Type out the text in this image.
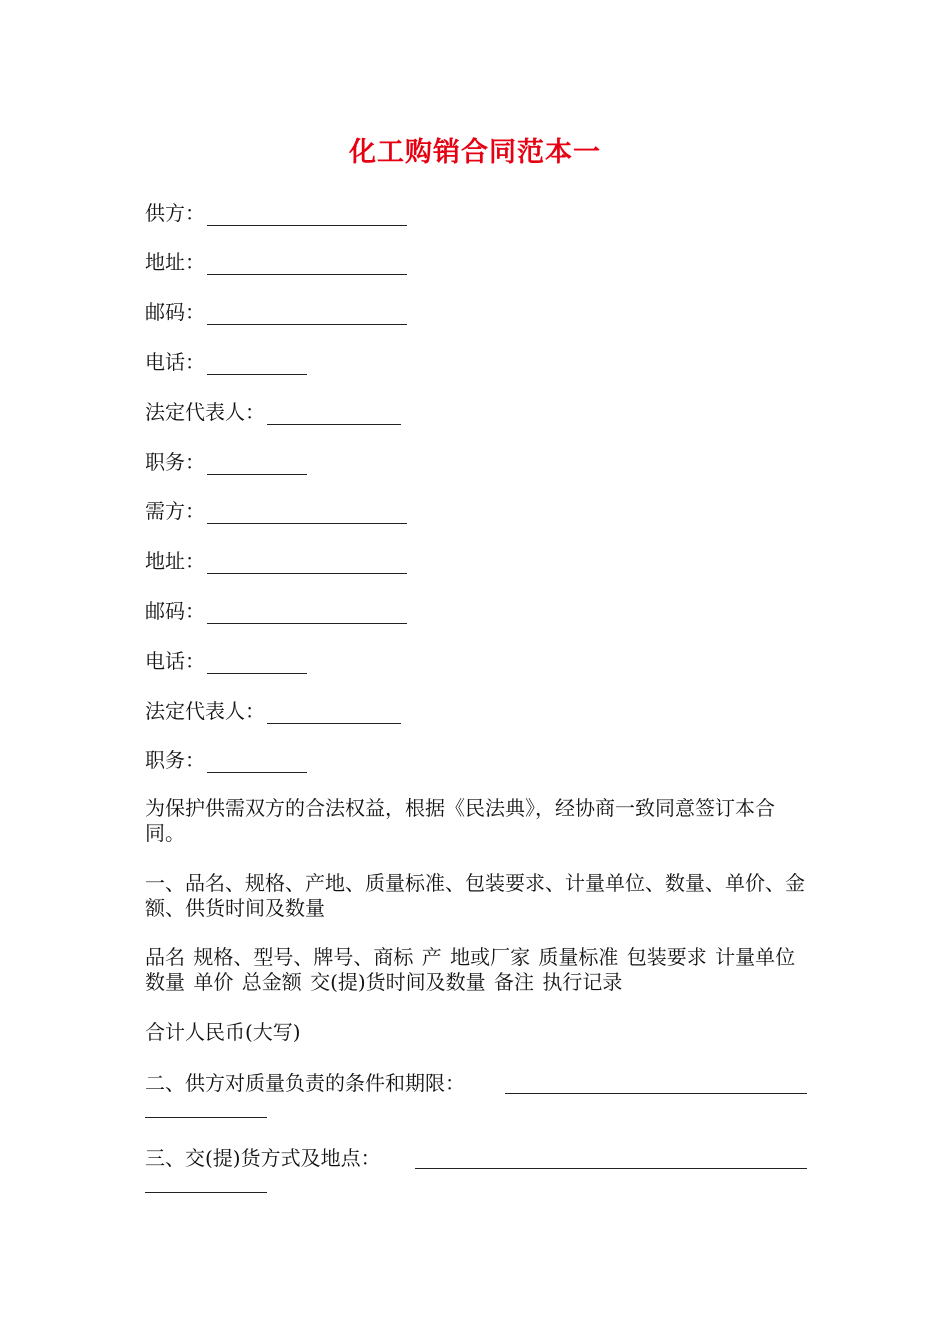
化工购销合同范本一
供方：
地址：
邮码：
电话：
法定代表人：
职务：
需方：
地址：
邮码：
电话：
法定代表人：
职务：
为保护供需双方的合法权益，根据《民法典》，经协商一致同意签订本合同。
一、品名、规格、产地、质量标准、包装要求、计量单位、数量、单价、金额、供货时间及数量
品名 规格、型号、牌号、商标 产 地或厂家 质量标准 包装要求 计量单位 数量 单价 总金额 交(提)货时间及数量 备注 执行记录
合计人民币(大写)
二、供方对质量负责的条件和期限：
三、交(提)货方式及地点：
